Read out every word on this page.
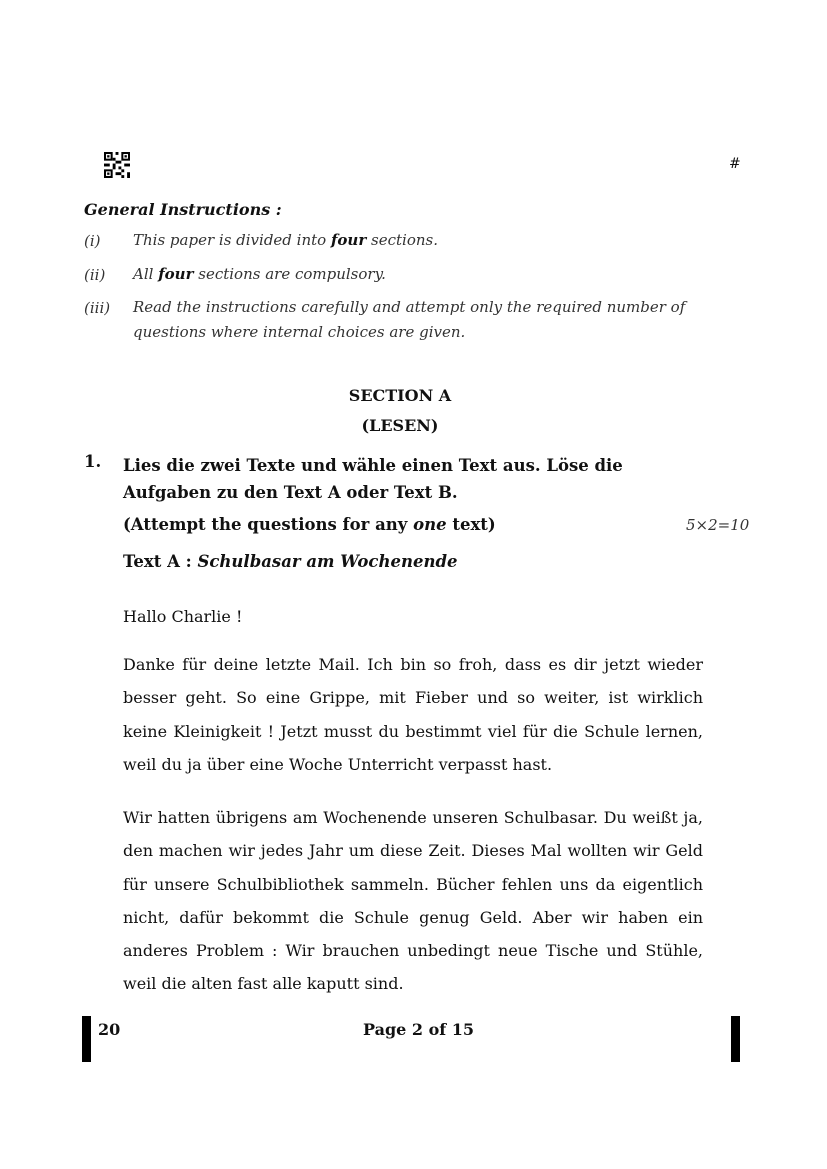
#
General Instructions :
(i) This paper is divided into four sections.
(ii) All four sections are compulsory.
(iii) Read the instructions carefully and attempt only the required number of questions where internal choices are given.
SECTION A
(LESEN)
1. Lies die zwei Texte und wähle einen Text aus. Löse die Aufgaben zu den Text A oder Text B.
(Attempt the questions for any one text)	5×2=10
Text A : Schulbasar am Wochenende
Hallo Charlie !
Danke für deine letzte Mail. Ich bin so froh, dass es dir jetzt wieder besser geht. So eine Grippe, mit Fieber und so weiter, ist wirklich keine Kleinigkeit ! Jetzt musst du bestimmt viel für die Schule lernen, weil du ja über eine Woche Unterricht verpasst hast.
Wir hatten übrigens am Wochenende unseren Schulbasar. Du weißt ja, den machen wir jedes Jahr um diese Zeit. Dieses Mal wollten wir Geld für unsere Schulbibliothek sammeln. Bücher fehlen uns da eigentlich nicht, dafür bekommt die Schule genug Geld. Aber wir haben ein anderes Problem : Wir brauchen unbedingt neue Tische und Stühle, weil die alten fast alle kaputt sind.
20	Page 2 of 15
